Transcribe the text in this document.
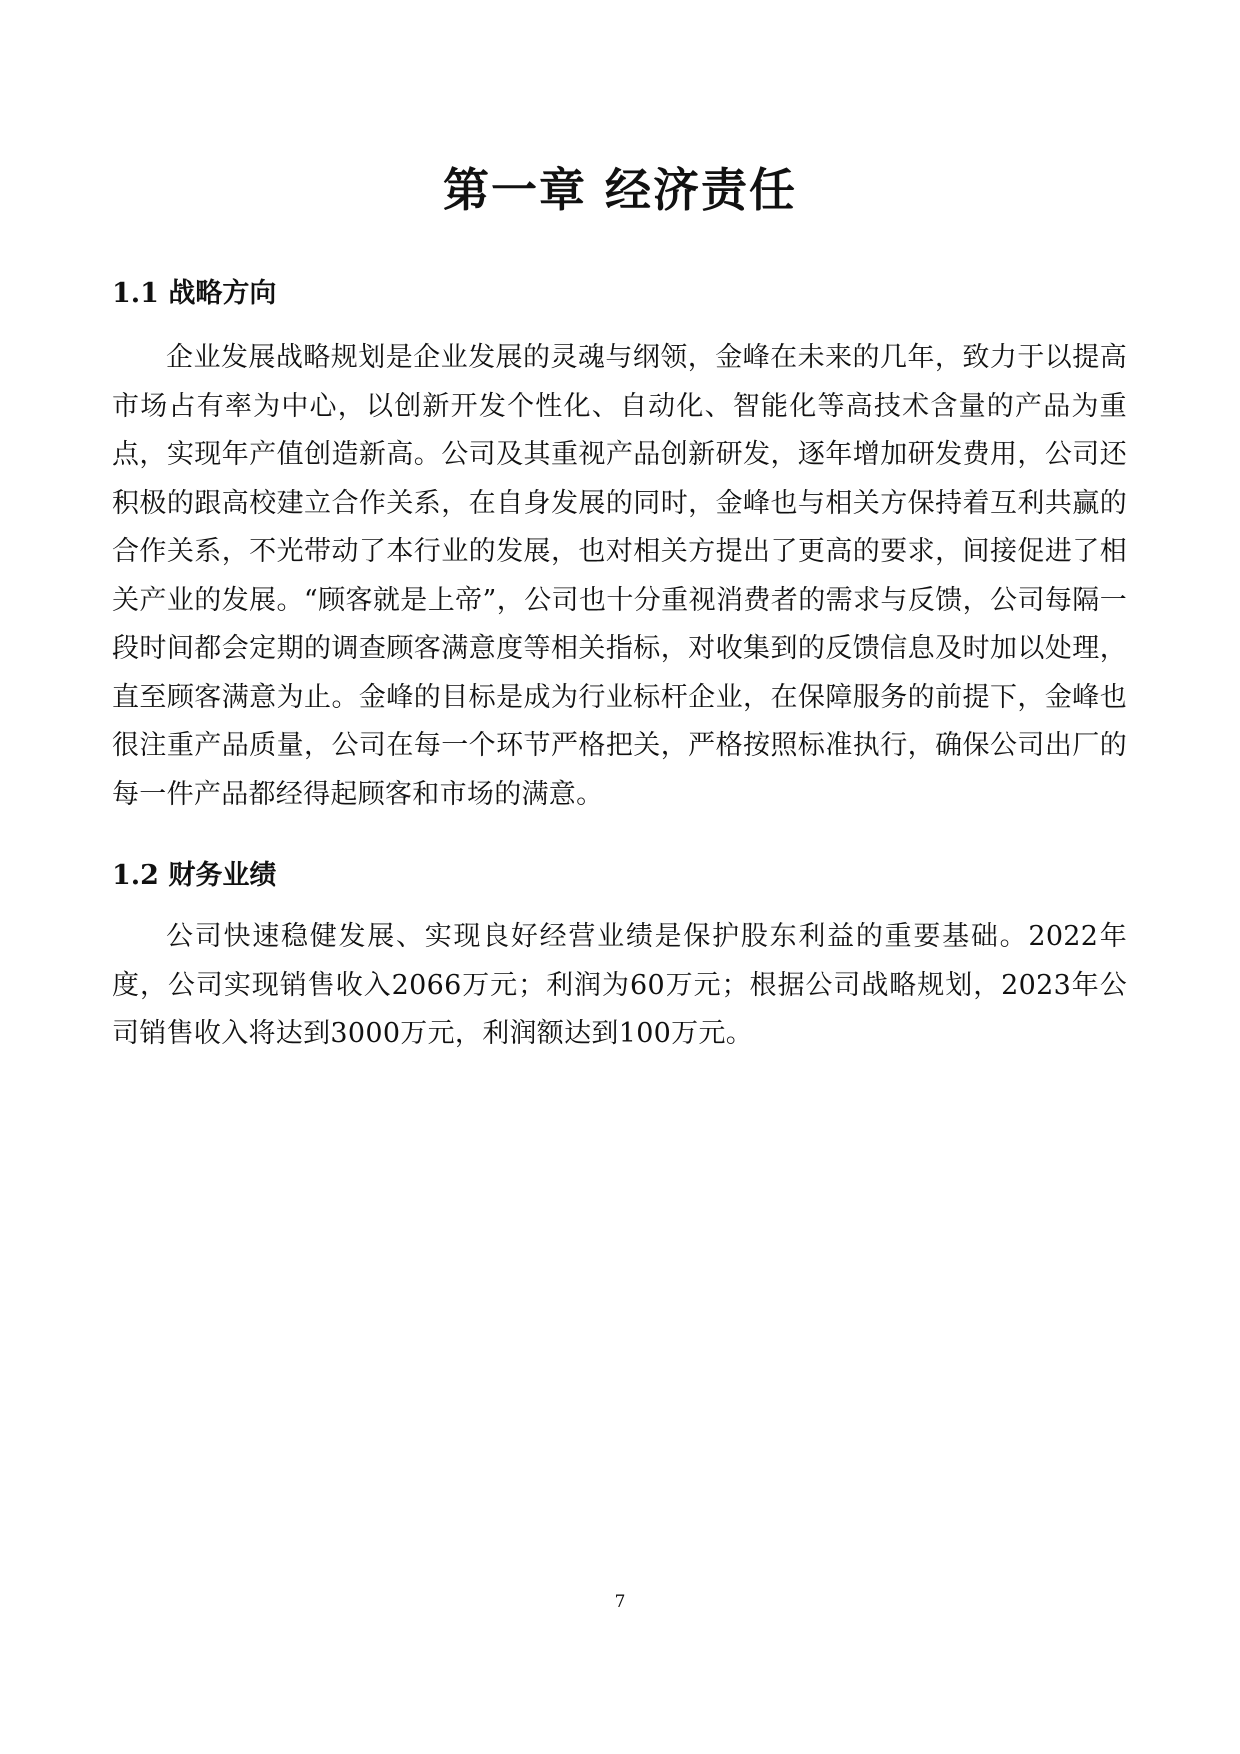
第一章 经济责任
1.1 战略方向

企业发展战略规划是企业发展的灵魂与纲领，金峰在未来的几年，致力于以提高市场占有率为中心，以创新开发个性化、自动化、智能化等高技术含量的产品为重点，实现年产值创造新高。公司及其重视产品创新研发，逐年增加研发费用，公司还积极的跟高校建立合作关系，在自身发展的同时，金峰也与相关方保持着互利共赢的合作关系，不光带动了本行业的发展，也对相关方提出了更高的要求，间接促进了相关产业的发展。“顾客就是上帝”，公司也十分重视消费者的需求与反馈，公司每隔一段时间都会定期的调查顾客满意度等相关指标，对收集到的反馈信息及时加以处理，直至顾客满意为止。金峰的目标是成为行业标杆企业，在保障服务的前提下，金峰也很注重产品质量，公司在每一个环节严格把关，严格按照标准执行，确保公司出厂的每一件产品都经得起顾客和市场的满意。

1.2 财务业绩

公司快速稳健发展、实现良好经营业绩是保护股东利益的重要基础。2022年度，公司实现销售收入2066万元；利润为60万元；根据公司战略规划，2023年公司销售收入将达到3000万元，利润额达到100万元。

7
